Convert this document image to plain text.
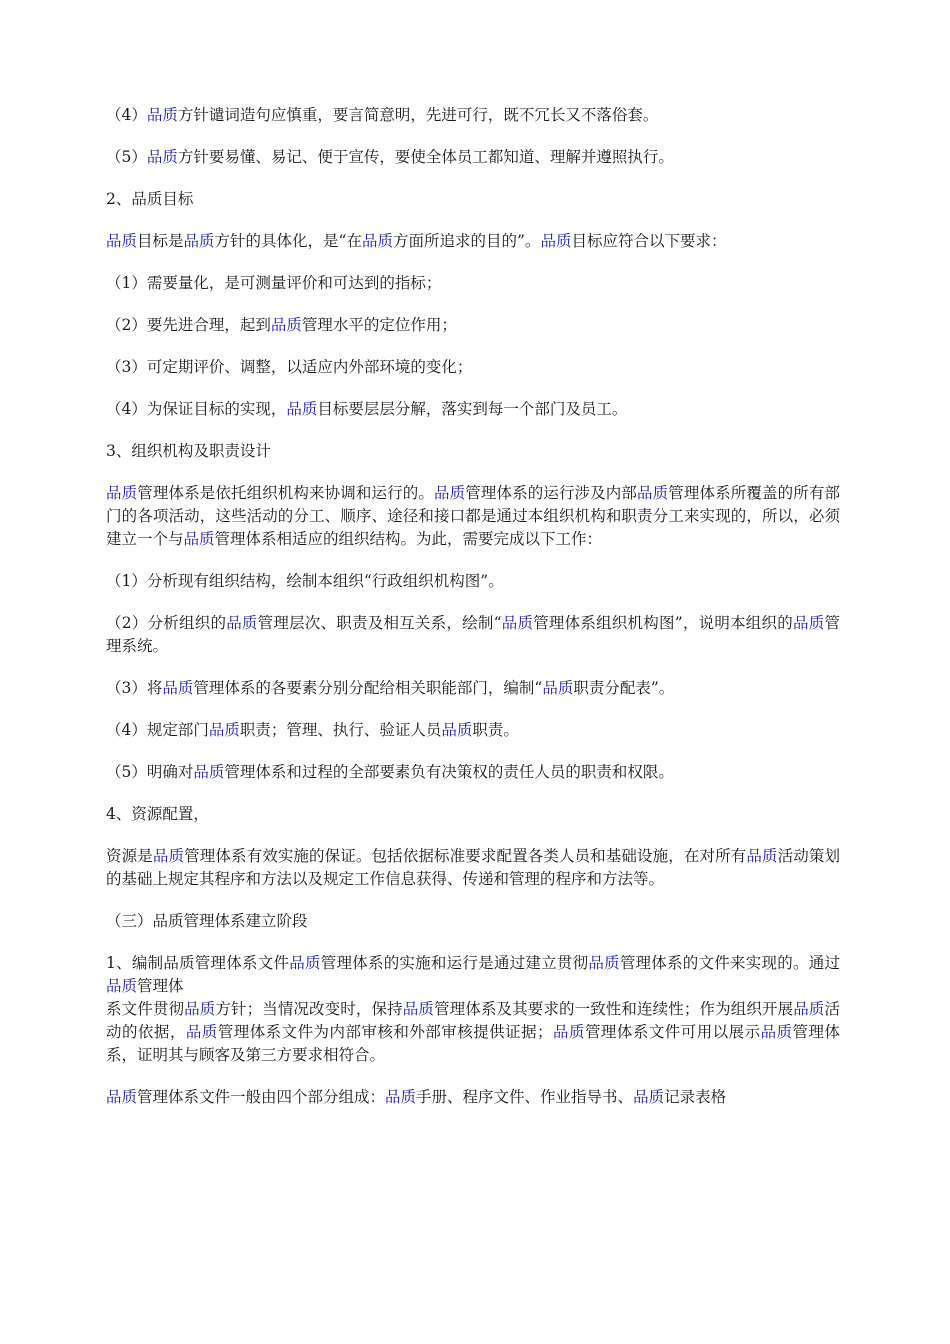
（4）品质方针谴词造句应慎重，要言简意明，先进可行，既不冗长又不落俗套。

（5）品质方针要易懂、易记、便于宣传，要使全体员工都知道、理解并遵照执行。

2、品质目标

品质目标是品质方针的具体化，是“在品质方面所追求的目的”。品质目标应符合以下要求：

（1）需要量化，是可测量评价和可达到的指标；

（2）要先进合理，起到品质管理水平的定位作用；

（3）可定期评价、调整，以适应内外部环境的变化；

（4）为保证目标的实现，品质目标要层层分解，落实到每一个部门及员工。

3、组织机构及职责设计

品质管理体系是依托组织机构来协调和运行的。品质管理体系的运行涉及内部品质管理体系所覆盖的所有部门的各项活动，这些活动的分工、顺序、途径和接口都是通过本组织机构和职责分工来实现的，所以，必须建立一个与品质管理体系相适应的组织结构。为此，需要完成以下工作：

（1）分析现有组织结构，绘制本组织“行政组织机构图”。

（2）分析组织的品质管理层次、职责及相互关系，绘制“品质管理体系组织机构图”，说明本组织的品质管理系统。

（3）将品质管理体系的各要素分别分配给相关职能部门，编制“品质职责分配表”。

（4）规定部门品质职责；管理、执行、验证人员品质职责。

（5）明确对品质管理体系和过程的全部要素负有决策权的责任人员的职责和权限。

4、资源配置，

资源是品质管理体系有效实施的保证。包括依据标准要求配置各类人员和基础设施，在对所有品质活动策划的基础上规定其程序和方法以及规定工作信息获得、传递和管理的程序和方法等。

（三）品质管理体系建立阶段

1、编制品质管理体系文件品质管理体系的实施和运行是通过建立贯彻品质管理体系的文件来实现的。通过品质管理体

系文件贯彻品质方针；当情况改变时，保持品质管理体系及其要求的一致性和连续性；作为组织开展品质活动的依据，品质管理体系文件为内部审核和外部审核提供证据；品质管理体系文件可用以展示品质管理体系，证明其与顾客及第三方要求相符合。

品质管理体系文件一般由四个部分组成：品质手册、程序文件、作业指导书、品质记录表格
